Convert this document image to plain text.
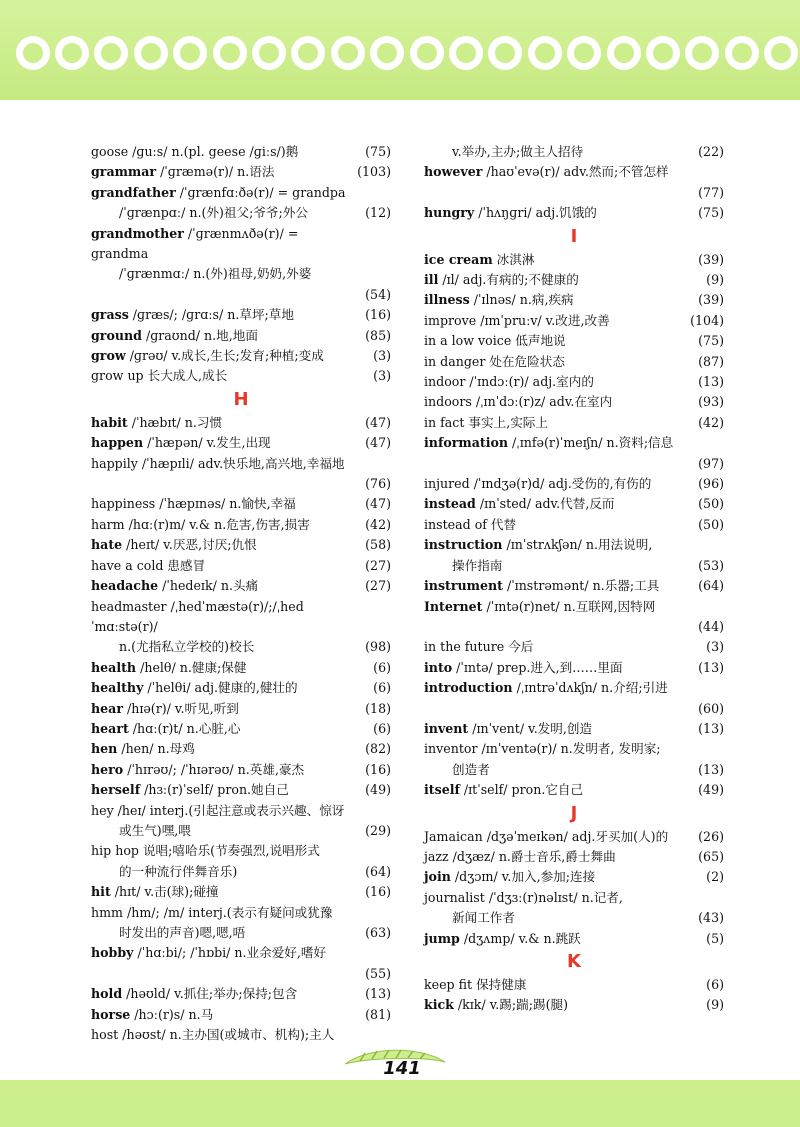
goose /ɡuːs/ n.(pl. geese /ɡiːs/)鹅	(75)
grammar /ˈɡræmə(r)/ n.语法	(103)
grandfather /ˈɡrænfɑːðə(r)/ = grandpa
/ˈɡrænpɑː/ n.(外)祖父;爷爷;外公	(12)
grandmother /ˈɡrænmʌðə(r)/ = grandma
/ˈɡrænmɑː/ n.(外)祖母,奶奶,外婆
(54)
grass /ɡræs/; /ɡrɑːs/ n.草坪;草地	(16)
ground /ɡraʊnd/ n.地,地面	(85)
grow /ɡrəʊ/ v.成长,生长;发育;种植;变成	(3)
grow up 长大成人,成长	(3)
H
habit /ˈhæbɪt/ n.习惯	(47)
happen /ˈhæpən/ v.发生,出现	(47)
happily /ˈhæpɪli/ adv.快乐地,高兴地,幸福地
(76)
happiness /ˈhæpɪnəs/ n.愉快,幸福	(47)
harm /hɑː(r)m/ v.& n.危害,伤害,损害	(42)
hate /heɪt/ v.厌恶,讨厌;仇恨	(58)
have a cold 患感冒	(27)
headache /ˈhedeɪk/ n.头痛	(27)
headmaster /ˌhedˈmæstə(r)/;/ˌhedˈmɑːstə(r)/
n.(尤指私立学校的)校长	(98)
health /helθ/ n.健康;保健	(6)
healthy /ˈhelθi/ adj.健康的,健壮的	(6)
hear /hɪə(r)/ v.听见,听到	(18)
heart /hɑː(r)t/ n.心脏,心	(6)
hen /hen/ n.母鸡	(82)
hero /ˈhɪrəʊ/; /ˈhɪərəʊ/ n.英雄,豪杰	(16)
herself /hɜː(r)ˈself/ pron.她自己	(49)
hey /heɪ/ interj.(引起注意或表示兴趣、惊讶
或生气)嘿,喂	(29)
hip hop 说唱;嘻哈乐(节奏强烈,说唱形式
的一种流行伴舞音乐)	(64)
hit /hɪt/ v.击(球);碰撞	(16)
hmm /hm/; /m/ interj.(表示有疑问或犹豫
时发出的声音)嗯,嗯,唔	(63)
hobby /ˈhɑːbi/; /ˈhɒbi/ n.业余爱好,嗜好
(55)
hold /həʊld/ v.抓住;举办;保持;包含	(13)
horse /hɔː(r)s/ n.马	(81)
host /həʊst/ n.主办国(或城市、机构);主人
v.举办,主办;做主人招待	(22)
however /haʊˈevə(r)/ adv.然而;不管怎样
(77)
hungry /ˈhʌŋɡri/ adj.饥饿的	(75)
I
ice cream 冰淇淋	(39)
ill /ɪl/ adj.有病的;不健康的	(9)
illness /ˈɪlnəs/ n.病,疾病	(39)
improve /ɪmˈpruːv/ v.改进,改善	(104)
in a low voice 低声地说	(75)
in danger 处在危险状态	(87)
indoor /ˈɪndɔː(r)/ adj.室内的	(13)
indoors /ˌɪnˈdɔː(r)z/ adv.在室内	(93)
in fact 事实上,实际上	(42)
information /ˌɪnfə(r)ˈmeɪʃn/ n.资料;信息
(97)
injured /ˈɪndʒə(r)d/ adj.受伤的,有伤的	(96)
instead /ɪnˈsted/ adv.代替,反而	(50)
instead of 代替	(50)
instruction /ɪnˈstrʌkʃən/ n.用法说明,
操作指南	(53)
instrument /ˈɪnstrəmənt/ n.乐器;工具	(64)
Internet /ˈɪntə(r)net/ n.互联网,因特网
(44)
in the future 今后	(3)
into /ˈɪntə/ prep.进入,到……里面	(13)
introduction /ˌɪntrəˈdʌkʃn/ n.介绍;引进
(60)
invent /ɪnˈvent/ v.发明,创造	(13)
inventor /ɪnˈventə(r)/ n.发明者, 发明家;
创造者	(13)
itself /ɪtˈself/ pron.它自己	(49)
J
Jamaican /dʒəˈmeɪkən/ adj.牙买加(人)的	(26)
jazz /dʒæz/ n.爵士音乐,爵士舞曲	(65)
join /dʒɔɪn/ v.加入,参加;连接	(2)
journalist /ˈdʒɜː(r)nəlɪst/ n.记者,
新闻工作者	(43)
jump /dʒʌmp/ v.& n.跳跃	(5)
K
keep fit 保持健康	(6)
kick /kɪk/ v.踢;踹;踢(腿)	(9)
141
